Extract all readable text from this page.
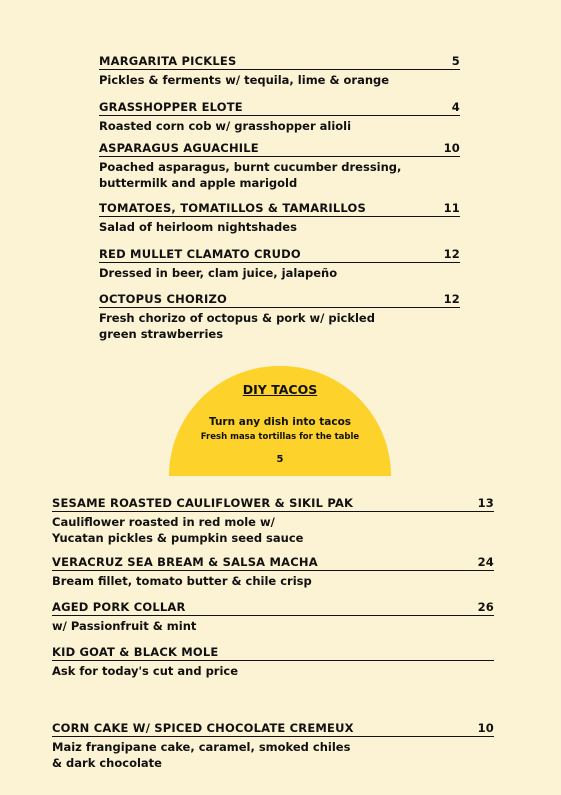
MARGARITA PICKLES	5
Pickles & ferments w/ tequila, lime & orange
GRASSHOPPER ELOTE	4
Roasted corn cob w/ grasshopper alioli
ASPARAGUS AGUACHILE	10
Poached asparagus, burnt cucumber dressing,
buttermilk and apple marigold
TOMATOES, TOMATILLOS & TAMARILLOS	11
Salad of heirloom nightshades
RED MULLET CLAMATO CRUDO	12
Dressed in beer, clam juice, jalapeño
OCTOPUS CHORIZO	12
Fresh chorizo of octopus & pork w/ pickled
green strawberries
DIY TACOS
Turn any dish into tacos
Fresh masa tortillas for the table
5
SESAME ROASTED CAULIFLOWER & SIKIL PAK	13
Cauliflower roasted in red mole w/
Yucatan pickles & pumpkin seed sauce
VERACRUZ SEA BREAM & SALSA MACHA	24
Bream fillet, tomato butter & chile crisp
AGED PORK COLLAR	26
w/ Passionfruit & mint
KID GOAT & BLACK MOLE
Ask for today's cut and price
CORN CAKE W/ SPICED CHOCOLATE CREMEUX	10
Maiz frangipane cake, caramel, smoked chiles
& dark chocolate
